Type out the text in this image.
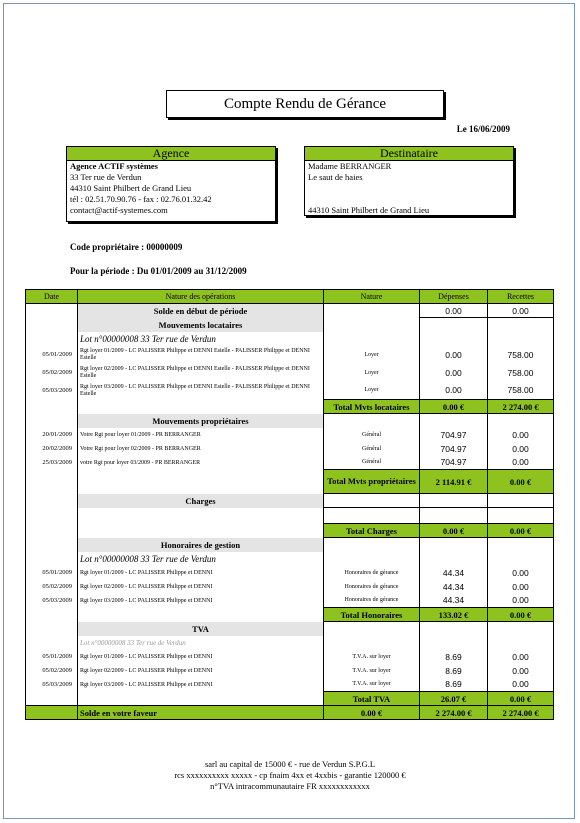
Compte Rendu de Gérance
Le 16/06/2009
Agence
Agence ACTIF systèmes
33 Ter rue de Verdun
44310 Saint Philbert de Grand Lieu
tél : 02.51.70.90.76 - fax : 02.76.01.32.42
contact@actif-systemes.com
Destinataire
Madame BERRANGER
Le saut de haies
44310 Saint Philbert de Grand Lieu
Code propriétaire : 00000009
Pour la période : Du 01/01/2009 au 31/12/2009
Date	Nature des opérations	Nature	Dépenses	Recettes
	Solde en début de période		0.00	0.00
	Mouvements locataires			
	Lot n°00000008 33 Ter rue de Verdun			
05/01/2009	Rgt loyer 01/2009 - LC PALISSER Philippe et DENNI Estelle - PALISSER Philippe et DENNI Estelle	Loyer	0.00	758.00
05/02/2009	Rgt loyer 02/2009 - LC PALISSER Philippe et DENNI Estelle - PALISSER Philippe et DENNI Estelle	Loyer	0.00	758.00
05/03/2009	Rgt loyer 03/2009 - LC PALISSER Philippe et DENNI Estelle - PALISSER Philippe et DENNI Estelle	Loyer	0.00	758.00
		Total Mvts locataires	0.00 €	2 274.00 €
	Mouvements propriétaires			
20/01/2009	Votre Rgt pour loyer 01/2009 - PR BERRANGER	Général	704.97	0.00
20/02/2009	Votre Rgt pour loyer 02/2009 - PR BERRANGER	Général	704.97	0.00
25/03/2009	votre Rgt pour loyer 03/2009 - PR BERRANGER	Général	704.97	0.00
		Total Mvts propriétaires	2 114.91 €	0.00 €
	Charges			

		Total Charges	0.00 €	0.00 €
	Honoraires de gestion			
	Lot n°00000008 33 Ter rue de Verdun			
05/01/2009	Rgt loyer 01/2009 - LC PALISSER Philippe et DENNI	Honoraires de gérance	44.34	0.00
05/02/2009	Rgt loyer 02/2009 - LC PALISSER Philippe et DENNI	Honoraires de gérance	44.34	0.00
05/03/2009	Rgt loyer 03/2009 - LC PALISSER Philippe et DENNI	Honoraires de gérance	44.34	0.00
		Total Honoraires	133.02 €	0.00 €
	TVA			
	Lot n°00000008 33 Ter rue de Verdun			
05/01/2009	Rgt loyer 01/2009 - LC PALISSER Philippe et DENNI	T.V.A. sur loyer	8.69	0.00
05/02/2009	Rgt loyer 02/2009 - LC PALISSER Philippe et DENNI	T.V.A. sur loyer	8.69	0.00
05/03/2009	Rgt loyer 03/2009 - LC PALISSER Philippe et DENNI	T.V.A. sur loyer	8.69	0.00
		Total TVA	26.07 €	0.00 €
	Solde en votre faveur	0.00 €	2 274.00 €	2 274.00 €
sarl au capital de 15000 € - rue de Verdun S.P.G.L
rcs xxxxxxxxxx xxxxx - cp fnaim 4xx et 4xxbis - garantie 120000 €
n°TVA intracommunautaire FR xxxxxxxxxxxx
